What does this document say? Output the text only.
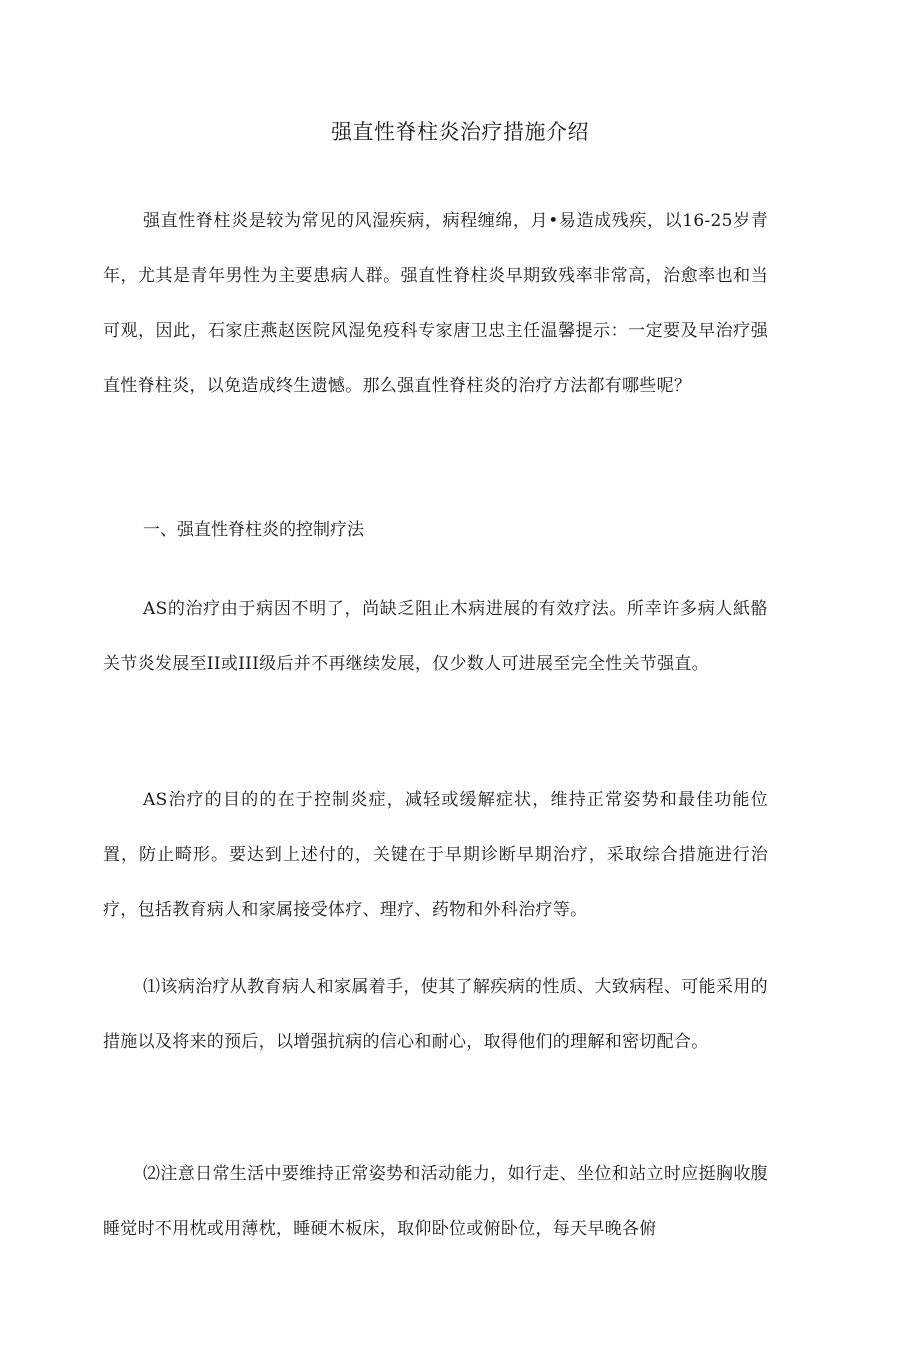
强直性脊柱炎治疗措施介绍

强直性脊柱炎是较为常见的风湿疾病，病程缠绵，月•易造成残疾，以16-25岁青年，尤其是青年男性为主要患病人群。强直性脊柱炎早期致残率非常高，治愈率也和当可观，因此，石家庄燕赵医院风湿免疫科专家唐卫忠主任温馨提示：一定要及早治疗强直性脊柱炎，以免造成终生遗憾。那么强直性脊柱炎的治疗方法都有哪些呢？

一、强直性脊柱炎的控制疗法

AS的治疗由于病因不明了，尚缺乏阻止木病进展的有效疗法。所幸许多病人紙骼关节炎发展至II或III级后并不再继续发展，仅少数人可进展至完全性关节强直。

AS治疗的目的的在于控制炎症，减轻或缓解症状，维持正常姿势和最佳功能位置，防止畸形。要达到上述付的，关键在于早期诊断早期治疗，采取综合措施进行治疗，包括教育病人和家属接受体疗、理疗、药物和外科治疗等。

⑴该病治疗从教育病人和家属着手，使其了解疾病的性质、大致病程、可能采用的措施以及将来的预后，以增强抗病的信心和耐心，取得他们的理解和密切配合。

⑵注意日常生活中要维持正常姿势和活动能力，如行走、坐位和站立时应挺胸收腹睡觉时不用枕或用薄枕，睡硬木板床，取仰卧位或俯卧位，每天早晚各俯
